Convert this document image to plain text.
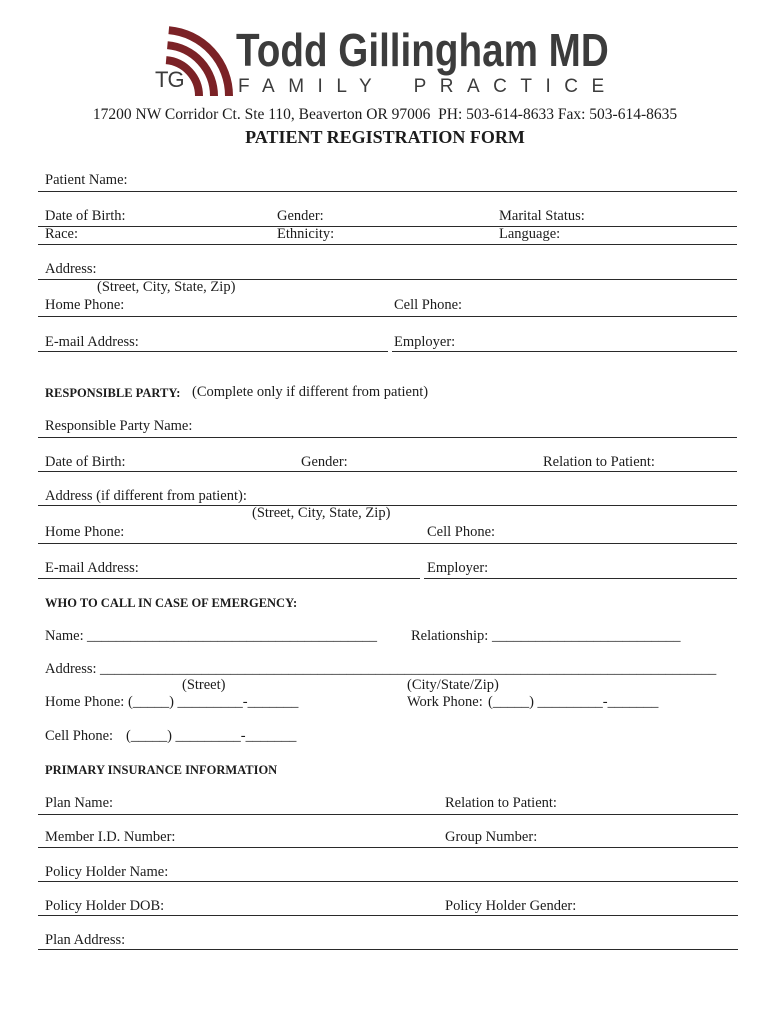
TG
Todd Gillingham MD
FAMILY PRACTICE
17200 NW Corridor Ct. Ste 110, Beaverton OR 97006  PH: 503-614-8633 Fax: 503-614-8635
PATIENT REGISTRATION FORM
Patient Name:
Date of Birth:	Gender:	Marital Status:
Race:	Ethnicity:	Language:
Address:
(Street, City, State, Zip)
Home Phone:	Cell Phone:
E-mail Address:	Employer:
RESPONSIBLE PARTY: (Complete only if different from patient)
Responsible Party Name:
Date of Birth:	Gender:	Relation to Patient:
Address (if different from patient):
(Street, City, State, Zip)
Home Phone:	Cell Phone:
E-mail Address:	Employer:
WHO TO CALL IN CASE OF EMERGENCY:
Name: ________________________________________ Relationship: __________________________
Address: _____________________________________________________________________________________
(Street)	(City/State/Zip)
Home Phone: (_____) _________-_______	Work Phone: (_____) _________-_______
Cell Phone: (_____) _________-_______
PRIMARY INSURANCE INFORMATION
Plan Name:	Relation to Patient:
Member I.D. Number:	Group Number:
Policy Holder Name:
Policy Holder DOB:	Policy Holder Gender:
Plan Address:
